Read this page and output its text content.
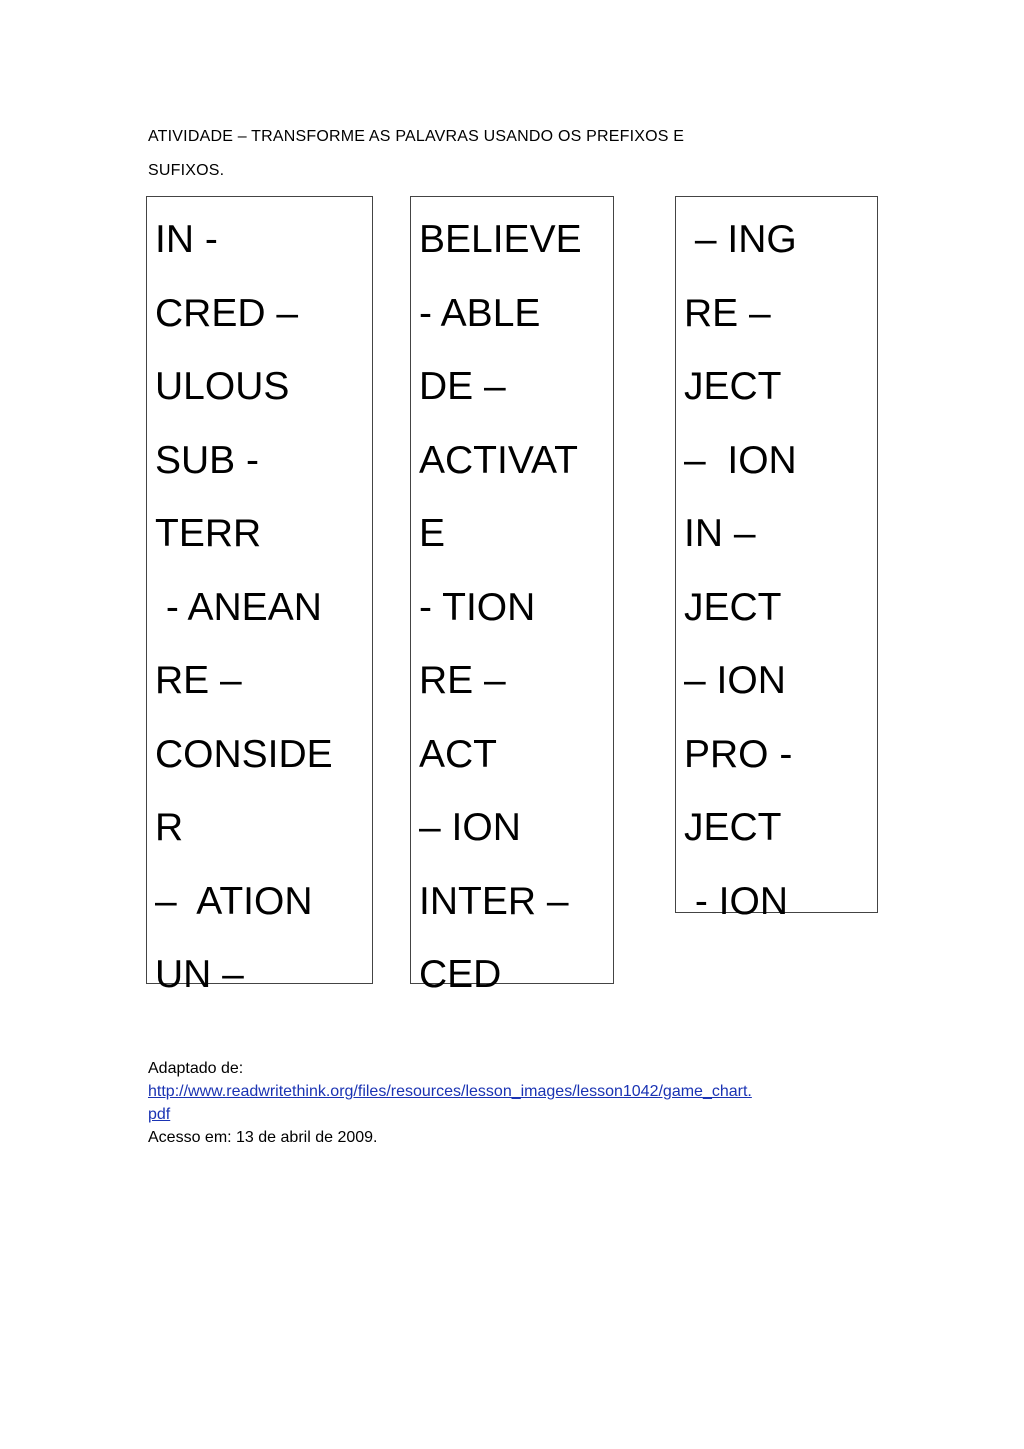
ATIVIDADE – TRANSFORME AS PALAVRAS USANDO OS PREFIXOS E
SUFIXOS.
IN -
CRED –
ULOUS
SUB -
TERR
- ANEAN
RE –
CONSIDE
R
–  ATION
UN –
BELIEVE
- ABLE
DE –
ACTIVAT
E
- TION
RE –
ACT
– ION
INTER –
CED
– ING
RE –
JECT
–  ION
IN –
JECT
– ION
PRO -
JECT
- ION
Adaptado de:
http://www.readwritethink.org/files/resources/lesson_images/lesson1042/game_chart.
pdf
Acesso em: 13 de abril de 2009.
